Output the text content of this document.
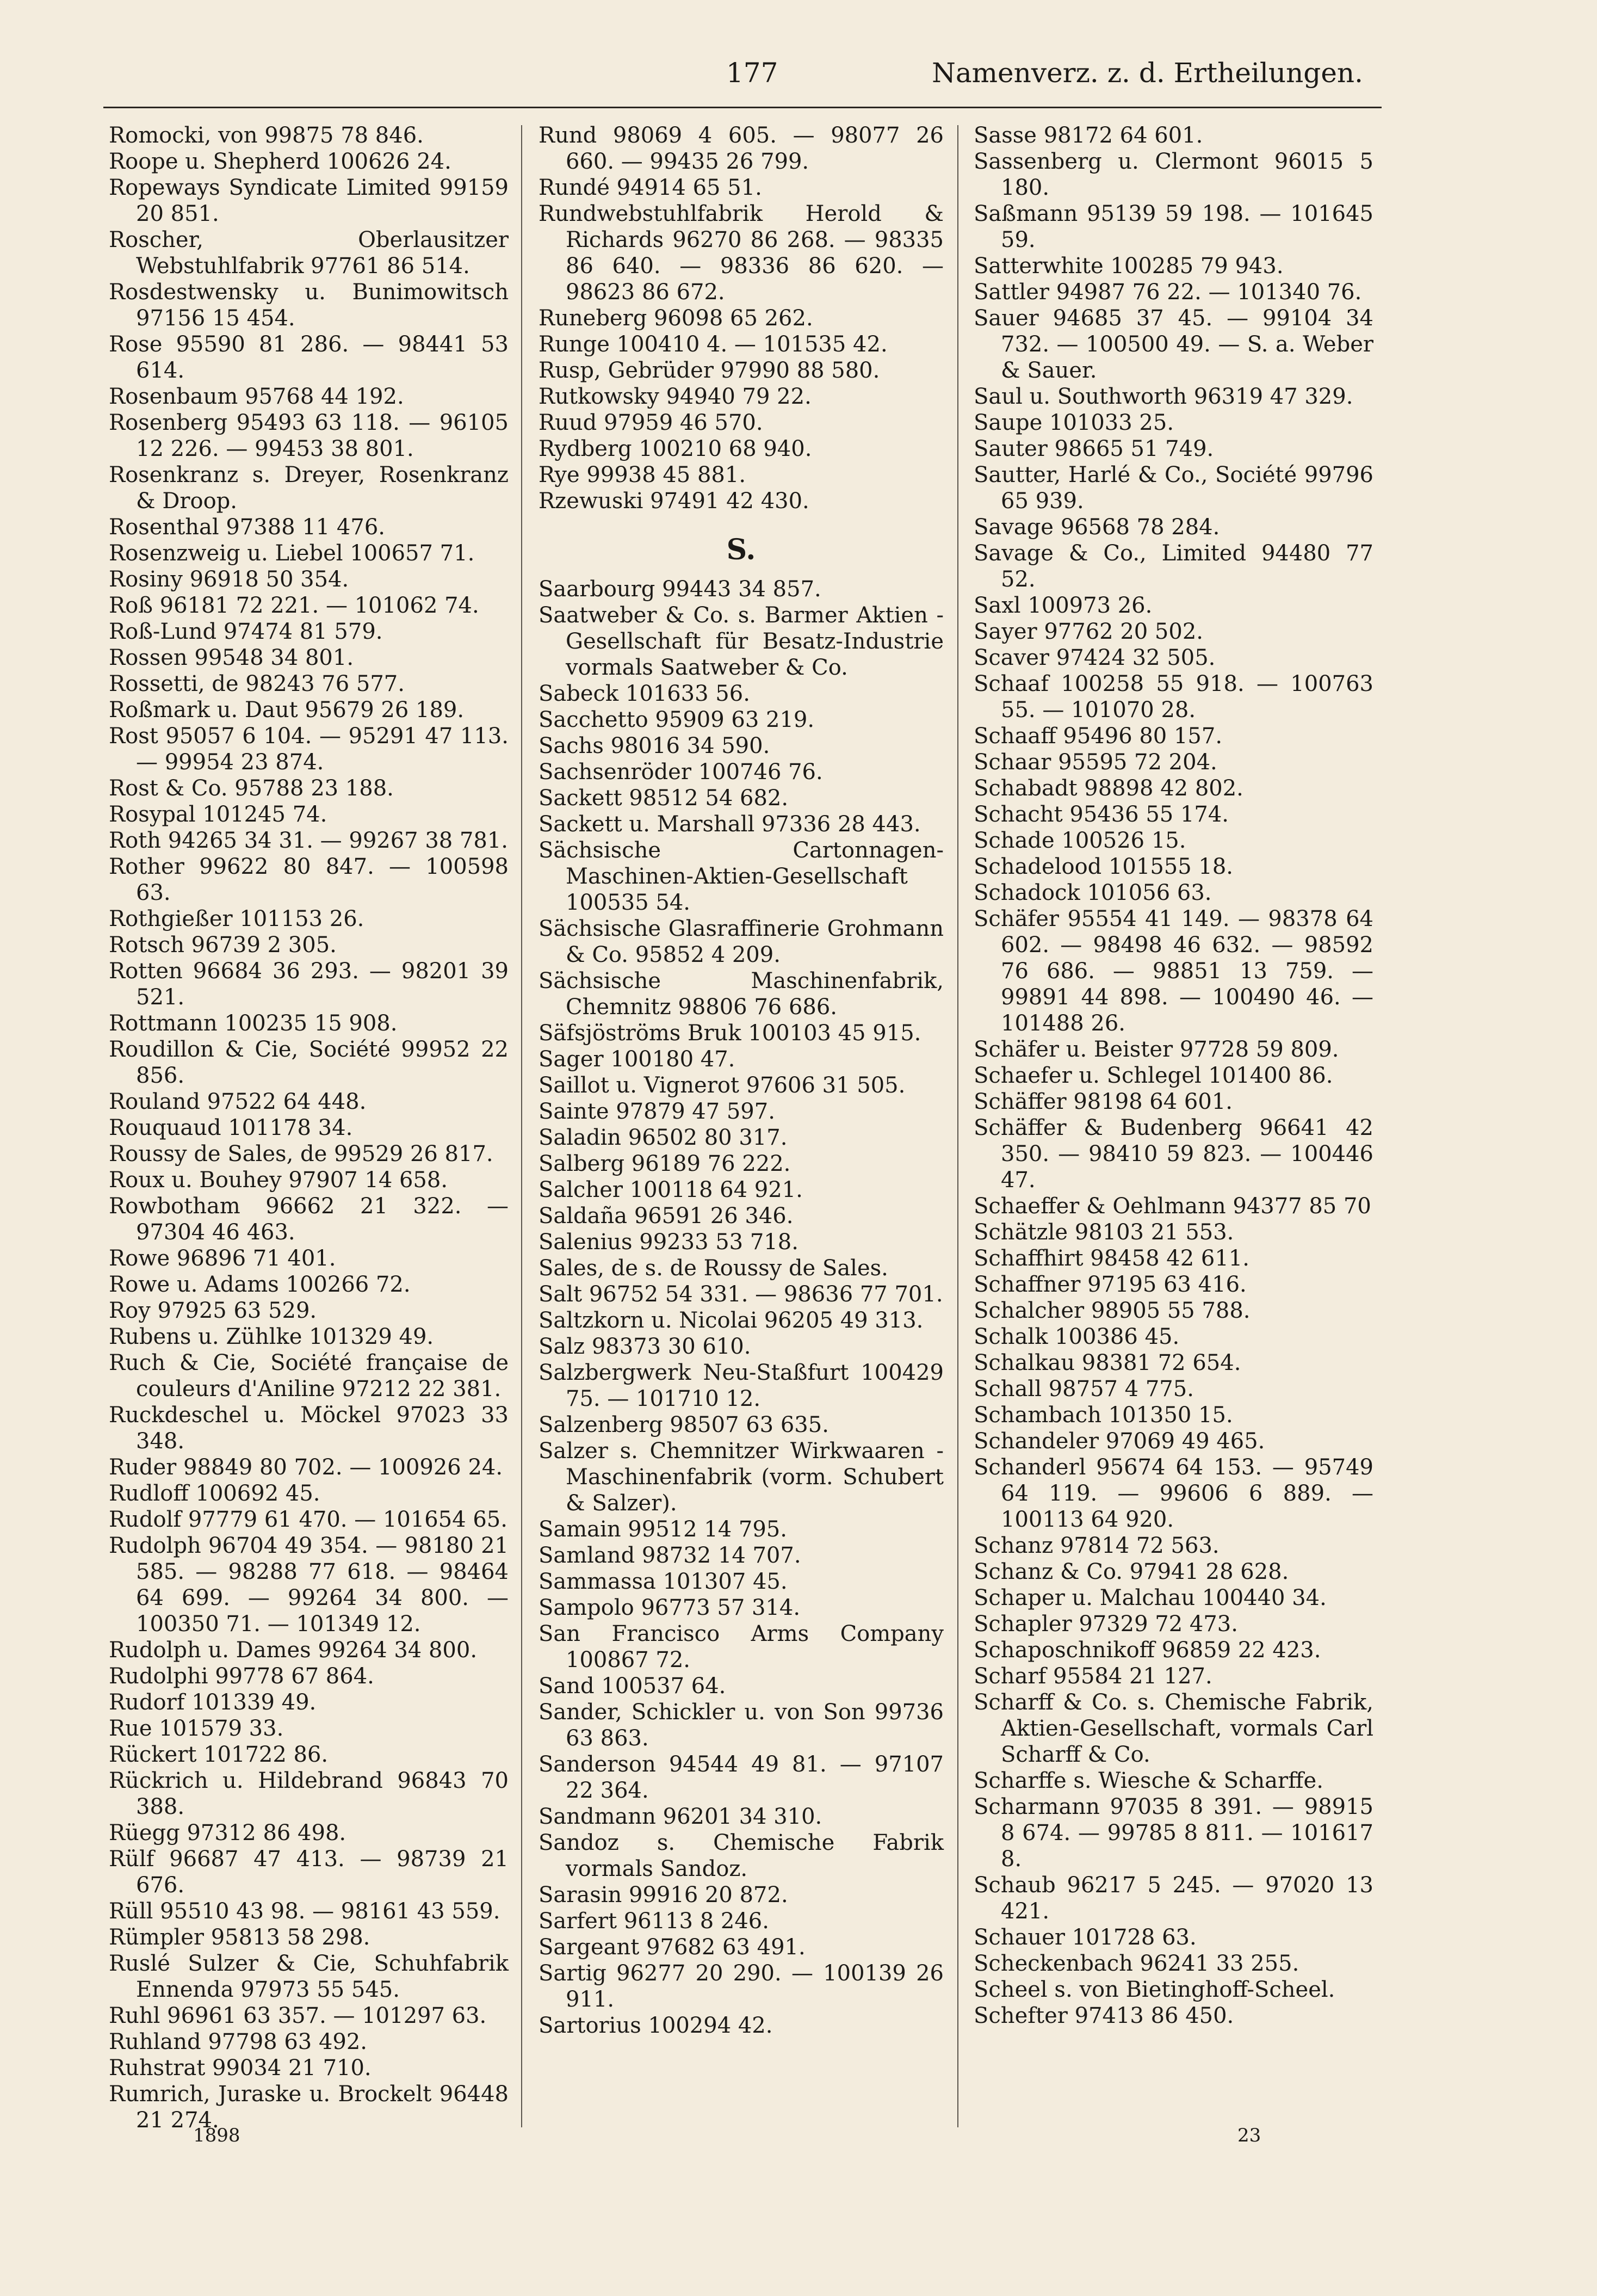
177	Namenverz. z. d. Ertheilungen.

Romocki, von 99875 78 846.

Roope u. Shepherd 100626 24.

Ropeways Syndicate Limited 99159 20 851.

Roscher, Oberlausitzer Webstuhlfabrik 97761 86 514.

Rosdestwensky u. Bunimowitsch 97156 15 454.

Rose 95590 81 286. — 98441 53 614.

Rosenbaum 95768 44 192.

Rosenberg 95493 63 118. — 96105 12 226. — 99453 38 801.

Rosenkranz s. Dreyer, Rosenkranz & Droop.

Rosenthal 97388 11 476.

Rosenzweig u. Liebel 100657 71.

Rosiny 96918 50 354.

Roß 96181 72 221. — 101062 74.

Roß-Lund 97474 81 579.

Rossen 99548 34 801.

Rossetti, de 98243 76 577.

Roßmark u. Daut 95679 26 189.

Rost 95057 6 104. — 95291 47 113. — 99954 23 874.

Rost & Co. 95788 23 188.

Rosypal 101245 74.

Roth 94265 34 31. — 99267 38 781.

Rother 99622 80 847. — 100598 63.

Rothgießer 101153 26.

Rotsch 96739 2 305.

Rotten 96684 36 293. — 98201 39 521.

Rottmann 100235 15 908.

Roudillon & Cie, Société 99952 22 856.

Rouland 97522 64 448.

Rouquaud 101178 34.

Roussy de Sales, de 99529 26 817.

Roux u. Bouhey 97907 14 658.

Rowbotham 96662 21 322. — 97304 46 463.

Rowe 96896 71 401.

Rowe u. Adams 100266 72.

Roy 97925 63 529.

Rubens u. Zühlke 101329 49.

Ruch & Cie, Société française de couleurs d'Aniline 97212 22 381.

Ruckdeschel u. Möckel 97023 33 348.

Ruder 98849 80 702. — 100926 24.

Rudloff 100692 45.

Rudolf 97779 61 470. — 101654 65.

Rudolph 96704 49 354. — 98180 21 585. — 98288 77 618. — 98464 64 699. — 99264 34 800. — 100350 71. — 101349 12.

Rudolph u. Dames 99264 34 800.

Rudolphi 99778 67 864.

Rudorf 101339 49.

Rue 101579 33.

Rückert 101722 86.

Rückrich u. Hildebrand 96843 70 388.

Rüegg 97312 86 498.

Rülf 96687 47 413. — 98739 21 676.

Rüll 95510 43 98. — 98161 43 559.

Rümpler 95813 58 298.

Ruslé Sulzer & Cie, Schuhfabrik Ennenda 97973 55 545.

Ruhl 96961 63 357. — 101297 63.

Ruhland 97798 63 492.

Ruhstrat 99034 21 710.

Rumrich, Juraske u. Brockelt 96448 21 274.

Rund 98069 4 605. — 98077 26 660. — 99435 26 799.

Rundé 94914 65 51.

Rundwebstuhlfabrik Herold & Richards 96270 86 268. — 98335 86 640. — 98336 86 620. — 98623 86 672.

Runeberg 96098 65 262.

Runge 100410 4. — 101535 42.

Rusp, Gebrüder 97990 88 580.

Rutkowsky 94940 79 22.

Ruud 97959 46 570.

Rydberg 100210 68 940.

Rye 99938 45 881.

Rzewuski 97491 42 430.

S.

Saarbourg 99443 34 857.

Saatweber & Co. s. Barmer Aktien - Gesellschaft für Besatz-Industrie vormals Saatweber & Co.

Sabeck 101633 56.

Sacchetto 95909 63 219.

Sachs 98016 34 590.

Sachsenröder 100746 76.

Sackett 98512 54 682.

Sackett u. Marshall 97336 28 443.

Sächsische Cartonnagen-Maschinen-Aktien-Gesellschaft 100535 54.

Sächsische Glasraffinerie Grohmann & Co. 95852 4 209.

Sächsische Maschinenfabrik, Chemnitz 98806 76 686.

Säfsjöströms Bruk 100103 45 915.

Sager 100180 47.

Saillot u. Vignerot 97606 31 505.

Sainte 97879 47 597.

Saladin 96502 80 317.

Salberg 96189 76 222.

Salcher 100118 64 921.

Saldaña 96591 26 346.

Salenius 99233 53 718.

Sales, de s. de Roussy de Sales.

Salt 96752 54 331. — 98636 77 701.

Saltzkorn u. Nicolai 96205 49 313.

Salz 98373 30 610.

Salzbergwerk Neu-Staßfurt 100429 75. — 101710 12.

Salzenberg 98507 63 635.

Salzer s. Chemnitzer Wirkwaaren - Maschinenfabrik (vorm. Schubert & Salzer).

Samain 99512 14 795.

Samland 98732 14 707.

Sammassa 101307 45.

Sampolo 96773 57 314.

San Francisco Arms Company 100867 72.

Sand 100537 64.

Sander, Schickler u. von Son 99736 63 863.

Sanderson 94544 49 81. — 97107 22 364.

Sandmann 96201 34 310.

Sandoz s. Chemische Fabrik vormals Sandoz.

Sarasin 99916 20 872.

Sarfert 96113 8 246.

Sargeant 97682 63 491.

Sartig 96277 20 290. — 100139 26 911.

Sartorius 100294 42.

Sasse 98172 64 601.

Sassenberg u. Clermont 96015 5 180.

Saßmann 95139 59 198. — 101645 59.

Satterwhite 100285 79 943.

Sattler 94987 76 22. — 101340 76.

Sauer 94685 37 45. — 99104 34 732. — 100500 49. — S. a. Weber & Sauer.

Saul u. Southworth 96319 47 329.

Saupe 101033 25.

Sauter 98665 51 749.

Sautter, Harlé & Co., Société 99796 65 939.

Savage 96568 78 284.

Savage & Co., Limited 94480 77 52.

Saxl 100973 26.

Sayer 97762 20 502.

Scaver 97424 32 505.

Schaaf 100258 55 918. — 100763 55. — 101070 28.

Schaaff 95496 80 157.

Schaar 95595 72 204.

Schabadt 98898 42 802.

Schacht 95436 55 174.

Schade 100526 15.

Schadelood 101555 18.

Schadock 101056 63.

Schäfer 95554 41 149. — 98378 64 602. — 98498 46 632. — 98592 76 686. — 98851 13 759. — 99891 44 898. — 100490 46. — 101488 26.

Schäfer u. Beister 97728 59 809.

Schaefer u. Schlegel 101400 86.

Schäffer 98198 64 601.

Schäffer & Budenberg 96641 42 350. — 98410 59 823. — 100446 47.

Schaeffer & Oehlmann 94377 85 70

Schätzle 98103 21 553.

Schaffhirt 98458 42 611.

Schaffner 97195 63 416.

Schalcher 98905 55 788.

Schalk 100386 45.

Schalkau 98381 72 654.

Schall 98757 4 775.

Schambach 101350 15.

Schandeler 97069 49 465.

Schanderl 95674 64 153. — 95749 64 119. — 99606 6 889. — 100113 64 920.

Schanz 97814 72 563.

Schanz & Co. 97941 28 628.

Schaper u. Malchau 100440 34.

Schapler 97329 72 473.

Schaposchnikoff 96859 22 423.

Scharf 95584 21 127.

Scharff & Co. s. Chemische Fabrik, Aktien-Gesellschaft, vormals Carl Scharff & Co.

Scharffe s. Wiesche & Scharffe.

Scharmann 97035 8 391. — 98915 8 674. — 99785 8 811. — 101617 8.

Schaub 96217 5 245. — 97020 13 421.

Schauer 101728 63.

Scheckenbach 96241 33 255.

Scheel s. von Bietinghoff-Scheel.

Schefter 97413 86 450.

1898	23
